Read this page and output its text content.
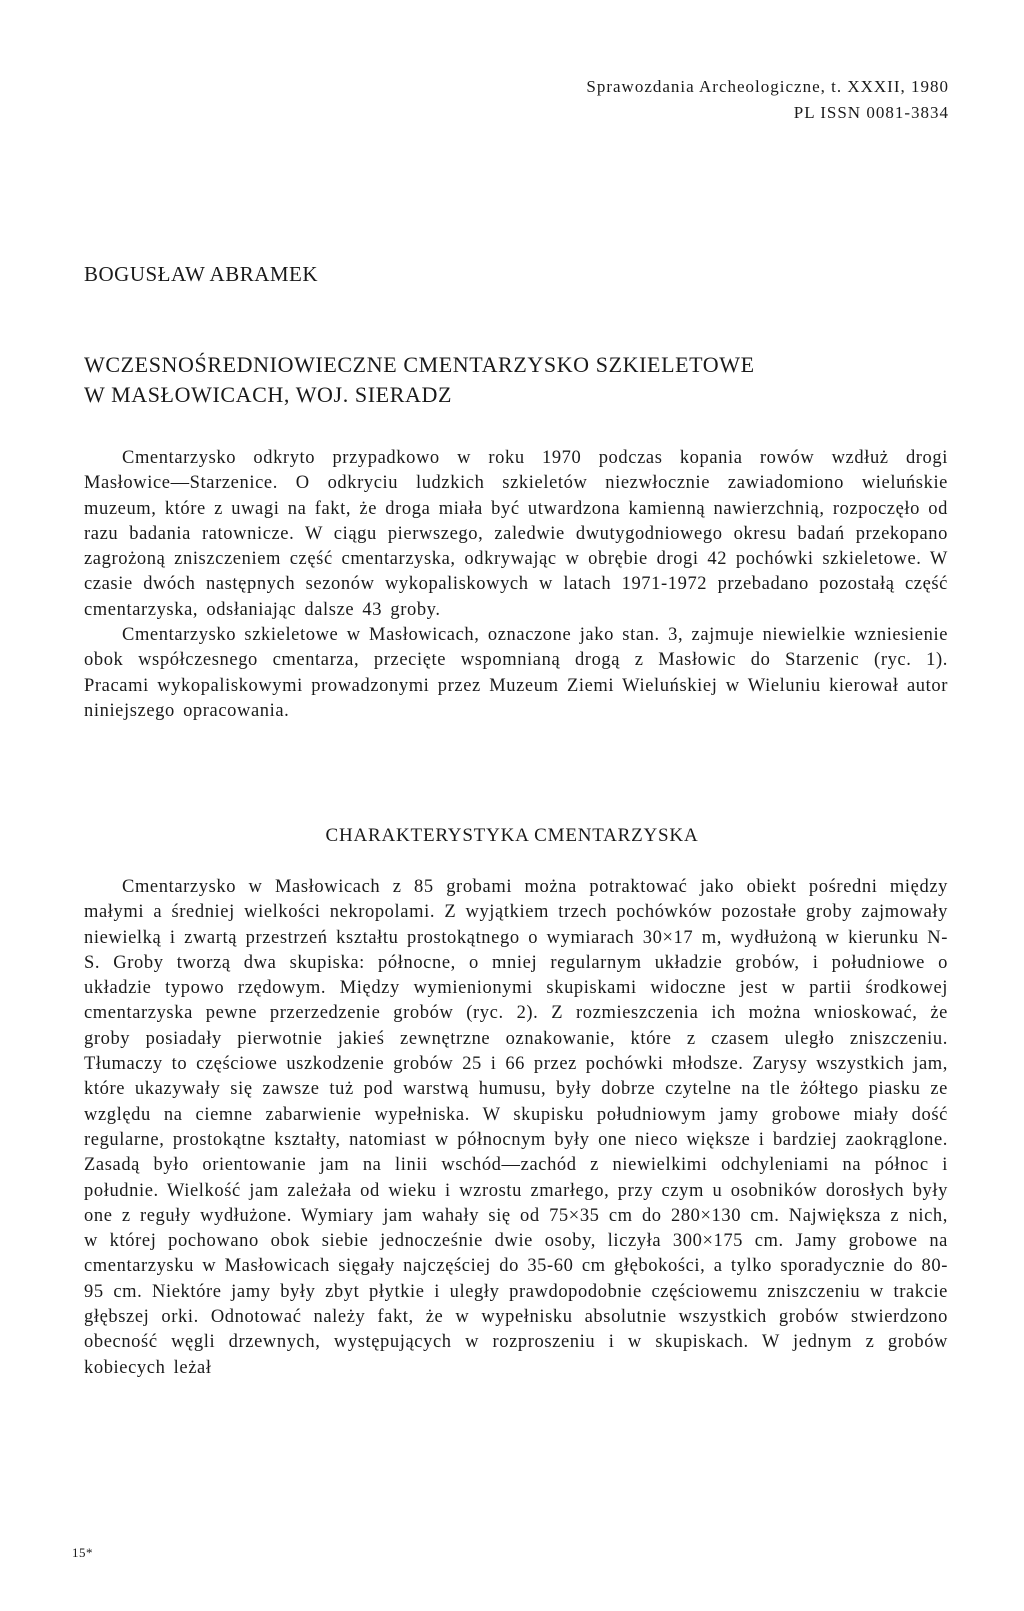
Sprawozdania Archeologiczne, t. XXXII, 1980
PL ISSN 0081-3834
BOGUSŁAW ABRAMEK
WCZESNOŚREDNIOWIECZNE CMENTARZYSKO SZKIELETOWE
W MASŁOWICACH, WOJ. SIERADZ

Cmentarzysko odkryto przypadkowo w roku 1970 podczas kopania rowów wzdłuż drogi Masłowice—Starzenice. O odkryciu ludzkich szkieletów niezwłocznie zawiadomiono wieluńskie muzeum, które z uwagi na fakt, że droga miała być utwardzona kamienną nawierzchnią, rozpoczęło od razu badania ratownicze. W ciągu pierwszego, zaledwie dwutygodniowego okresu badań przekopano zagrożoną zniszczeniem część cmentarzyska, odkrywając w obrębie drogi 42 pochówki szkieletowe. W czasie dwóch następnych sezonów wykopaliskowych w latach 1971-1972 przebadano pozostałą część cmentarzyska, odsłaniając dalsze 43 groby.

Cmentarzysko szkieletowe w Masłowicach, oznaczone jako stan. 3, zajmuje niewielkie wzniesienie obok współczesnego cmentarza, przecięte wspomnianą drogą z Masłowic do Starzenic (ryc. 1). Pracami wykopaliskowymi prowadzonymi przez Muzeum Ziemi Wieluńskiej w Wieluniu kierował autor niniejszego opracowania.

CHARAKTERYSTYKA CMENTARZYSKA

Cmentarzysko w Masłowicach z 85 grobami można potraktować jako obiekt pośredni między małymi a średniej wielkości nekropolami. Z wyjątkiem trzech pochówków pozostałe groby zajmowały niewielką i zwartą przestrzeń kształtu prostokątnego o wymiarach 30×17 m, wydłużoną w kierunku N-S. Groby tworzą dwa skupiska: północne, o mniej regularnym układzie grobów, i południowe o układzie typowo rzędowym. Między wymienionymi skupiskami widoczne jest w partii środkowej cmentarzyska pewne przerzedzenie grobów (ryc. 2). Z rozmieszczenia ich można wnioskować, że groby posiadały pierwotnie jakieś zewnętrzne oznakowanie, które z czasem uległo zniszczeniu. Tłumaczy to częściowe uszkodzenie grobów 25 i 66 przez pochówki młodsze. Zarysy wszystkich jam, które ukazywały się zawsze tuż pod warstwą humusu, były dobrze czytelne na tle żółtego piasku ze względu na ciemne zabarwienie wypełniska. W skupisku południowym jamy grobowe miały dość regularne, prostokątne kształty, natomiast w północnym były one nieco większe i bardziej zaokrąglone. Zasadą było orientowanie jam na linii wschód—zachód z niewielkimi odchyleniami na północ i południe. Wielkość jam zależała od wieku i wzrostu zmarłego, przy czym u osobników dorosłych były one z reguły wydłużone. Wymiary jam wahały się od 75×35 cm do 280×130 cm. Największa z nich, w której pochowano obok siebie jednocześnie dwie osoby, liczyła 300×175 cm. Jamy grobowe na cmentarzysku w Masłowicach sięgały najczęściej do 35-60 cm głębokości, a tylko sporadycznie do 80-95 cm. Niektóre jamy były zbyt płytkie i uległy prawdopodobnie częściowemu zniszczeniu w trakcie głębszej orki. Odnotować należy fakt, że w wypełnisku absolutnie wszystkich grobów stwierdzono obecność węgli drzewnych, występujących w rozproszeniu i w skupiskach. W jednym z grobów kobiecych leżał

15*
